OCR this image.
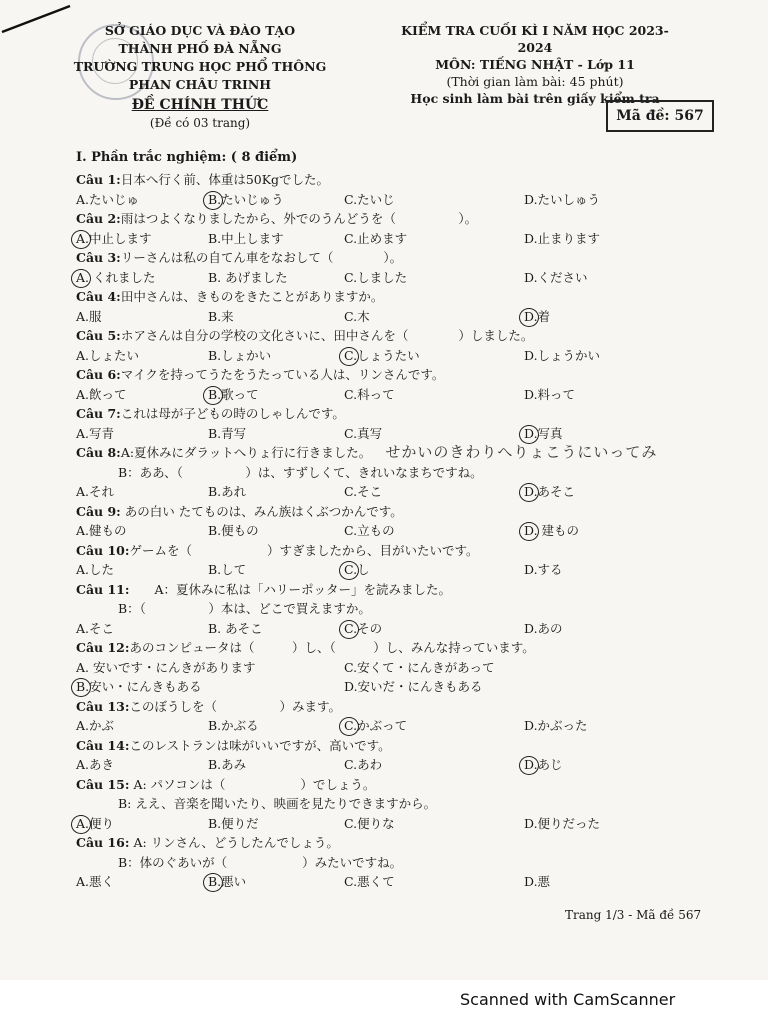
SỞ GIÁO DỤC VÀ ĐÀO TẠO
THÀNH PHỐ ĐÀ NẴNG
TRƯỜNG TRUNG HỌC PHỔ THÔNG
PHAN CHÂU TRINH
ĐỀ CHÍNH THỨC
(Đề có 03 trang)
KIỂM TRA CUỐI KÌ I NĂM HỌC 2023-2024
MÔN: TIẾNG NHẬT - Lớp 11
(Thời gian làm bài: 45 phút)
Học sinh làm bài trên giấy kiểm tra
Mã đề: 567
I. Phần trắc nghiệm: ( 8 điểm)
Câu 1:日本へ行く前、体重は50Kgでした。
A.たいじゅ	B.たいじゅう	C.たいじ	D.たいしゅう
Câu 2:雨はつよくなりましたから、外でのうんどうを（　　　　　）。
A.中止します	B.中上します	C.止めます	D.止まります
Câu 3:リーさんは私の自てん車をなおして（　　　　）。
A. くれました	B. あげました	C.しました	D.ください
Câu 4:田中さんは、きものをきたことがありますか。
A.服	B.来	C.木	D.着
Câu 5:ホアさんは自分の学校の文化さいに、田中さんを（　　　　）しました。
A.しょたい	B.しょかい	C.しょうたい	D.しょうかい
Câu 6:マイクを持ってうたをうたっている人は、リンさんです。
A.飲って	B.歌って	C.科って	D.料って
Câu 7:これは母が子どもの時のしゃしんです。
A.写青	B.青写	C.真写	D.写真
Câu 8:A:夏休みにダラットへりょ行に行きました。 せかいのきわりへりょこうにいってみ
B：ああ、（　　　　　）は、すずしくて、きれいなまちですね。
A.それ	B.あれ	C.そこ	D.あそこ
Câu 9: あの白い たてものは、みん族はくぶつかんです。
A.健もの	B.便もの	C.立もの	D. 建もの
Câu 10:ゲームを（　　　　　　）すぎましたから、目がいたいです。
A.した	B.して	C.し	D.する
Câu 11:　　A：夏休みに私は「ハリーポッター」を読みました。
B：（　　　　　）本は、どこで買えますか。
A.そこ	B. あそこ	C.その	D.あの
Câu 12:あのコンピュータは（　　　）し、（　　　）し、みんな持っています。
A. 安いです・にんきがあります	C.安くて・にんきがあって
B.安い・にんきもある	D.安いだ・にんきもある
Câu 13:このぼうしを（　　　　　）みます。
A.かぶ	B.かぶる	C.かぶって	D.かぶった
Câu 14:このレストランは味がいいですが、高いです。
A.あき	B.あみ	C.あわ	D.あじ
Câu 15: A: パソコンは（　　　　　　）でしょう。
B: ええ、音楽を聞いたり、映画を見たりできますから。
A.便り	B.便りだ	C.便りな	D.便りだった
Câu 16: A: リンさん、どうしたんでしょう。
B：体のぐあいが（　　　　　　）みたいですね。
A.悪く	B.悪い	C.悪くて	D.悪
Trang 1/3 - Mã đề 567
Scanned with CamScanner
